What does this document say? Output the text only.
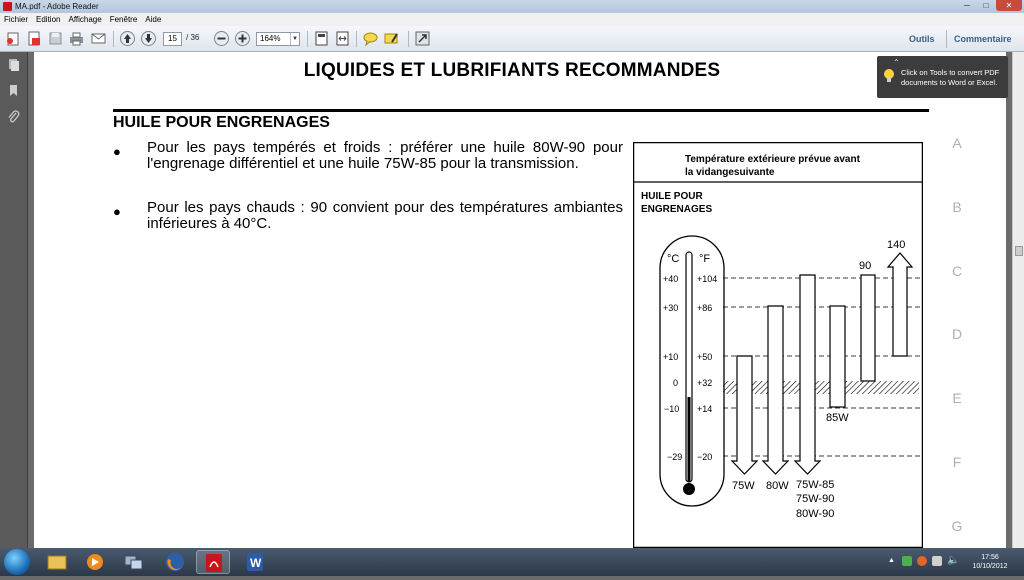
MA.pdf - Adobe Reader	─	□	✕
Fichier	Edition	Affichage	Fenêtre	Aide
15	/ 36	164%	▼	Outils Commentaire
LIQUIDES ET LUBRIFIANTS RECOMMANDES
HUILE POUR ENGRENAGES
● Pour les pays tempérés et froids : préférer une huile 80W-90 pour l'engrenage différentiel et une huile 75W-85 pour la transmission.
● Pour les pays chauds : 90 convient pour des températures ambiantes inférieures à 40°C.
A
B
C
D
E
F
G
Température extérieure prévue avant
la vidangesuivante
HUILE POUR
ENGRENAGES
°C °F
+40
+30
+10
0
−10
−29
+104
+86
+50
+32
+14
−20
75W 80W 75W-85
75W-90
80W-90
85W
90
140
⌃
Click on Tools to convert PDF documents to Word or Excel.
W	▲	🔈	17:56
10/10/2012
